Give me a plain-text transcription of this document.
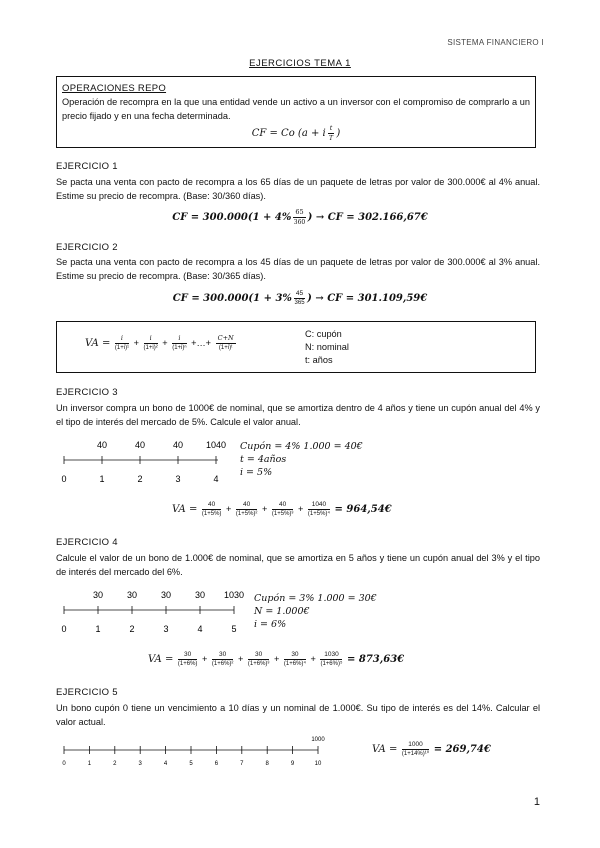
SISTEMA FINANCIERO I
EJERCICIOS TEMA 1
OPERACIONES REPO
Operación de recompra en la que una entidad vende un activo a un inversor con el compromiso de comprarlo a un precio fijado y en una fecha determinada.
CF = Co (a + i $\frac{t}{T}$ )
EJERCICIO 1
Se pacta una venta con pacto de recompra a los 65 días de un paquete de letras por valor de 300.000€ al 4% anual. Estime su precio de recompra. (Base: 30/360 días).
CF = $300.000(1 + 4\% \frac{65}{360}$ ) → CF = 302.166,67€
EJERCICIO 2
Se pacta una venta con pacto de recompra a los 45 días de un paquete de letras por valor de 300.000€ al 3% anual. Estime su precio de recompra. (Base: 30/365 días).
CF = $300.000(1 + 3\% \frac{45}{365}$ ) → CF = 301.109,59€
VA = $\frac{i}{\text{(1+i)¹}} + \frac{i}{\text{(1+i)²}} + \frac{i}{\text{(1+i)ⁿ}}$ +…+ $\frac{C+N}{\text{(1+i)ᵗ}}$	C: cupón
N: nominal
t: años
EJERCICIO 3
Un inversor compra un bono de 1000€ de nominal, que se amortiza dentro de 4 años y tiene un cupón anual del 4% y el tipo de interés del mercado de 5%. Calcule el valor anual.
0	1	2	3	4
40	40	40	1040 Cupón = 4% 1.000 = 40€
t = 4años
i = 5%
VA = $\frac{40}{(1+5\%)} + \frac{40}{\text{(1+5\%)²}} + \frac{40}{\text{(1+5\%)³}} + \frac{1040}{\text{(1+5\%)⁴}}$ = 964,54€
EJERCICIO 4
Calcule el valor de un bono de 1.000€ de nominal, que se amortiza en 5 años y tiene un cupón anual del 3% y el tipo de interés del mercado del 6%.
0	1	2	3	4	5
30	30	30	30 1030 Cupón = 3% 1.000 = 30€
N = 1.000€
i = 6%
VA = $\frac{30}{(1+6\%)} + \frac{30}{\text{(1+6\%)²}} + \frac{30}{\text{(1+6\%)³}} + \frac{30}{\text{(1+6\%)⁴}} + \frac{1030}{\text{(1+6\%)⁵}}$ = 873,63€
EJERCICIO 5
Un bono cupón 0 tiene un vencimiento a 10 días y un nominal de 1.000€. Su tipo de interés es del 14%. Calcular el valor actual.
0	1	2	3	4	5	6	7	8	9	10
1000
VA = $\frac{1000}{\text{(1+14\%)¹⁰}}$ = 269,74€
1
